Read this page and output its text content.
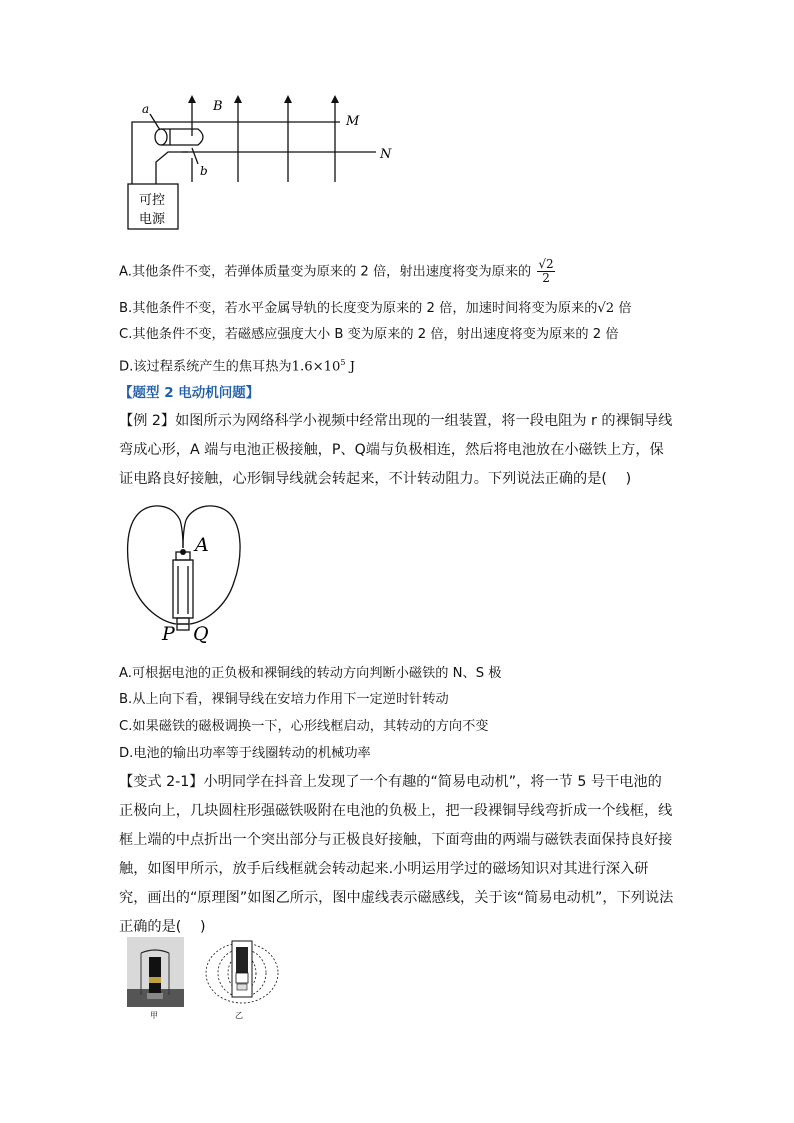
a
b
B
M
N
可控
电源
A.其他条件不变，若弹体质量变为原来的 2 倍，射出速度将变为原来的 $\frac{√2}{2}$
B.其他条件不变，若水平金属导轨的长度变为原来的 2 倍，加速时间将变为原来的√2 倍
C.其他条件不变，若磁感应强度大小 B 变为原来的 2 倍，射出速度将变为原来的 2 倍
D.该过程系统产生的焦耳热为$1.6\times 10^5$ J
【题型 2 电动机问题】
【例 2】如图所示为网络科学小视频中经常出现的一组装置，将一段电阻为 r 的裸铜导线弯成心形，A 端与电池正极接触，P、Q端与负极相连，然后将电池放在小磁铁上方，保证电路良好接触，心形铜导线就会转起来，不计转动阻力。下列说法正确的是(　 )
A
P Q
A.可根据电池的正负极和裸铜线的转动方向判断小磁铁的 N、S 极
B.从上向下看，裸铜导线在安培力作用下一定逆时针转动
C.如果磁铁的磁极调换一下，心形线框启动，其转动的方向不变
D.电池的输出功率等于线圈转动的机械功率
【变式 2-1】小明同学在抖音上发现了一个有趣的“简易电动机”，将一节 5 号干电池的正极向上，几块圆柱形强磁铁吸附在电池的负极上，把一段裸铜导线弯折成一个线框，线框上端的中点折出一个突出部分与正极良好接触，下面弯曲的两端与磁铁表面保持良好接触，如图甲所示，放手后线框就会转动起来.小明运用学过的磁场知识对其进行深入研究，画出的“原理图”如图乙所示，图中虚线表示磁感线，关于该“简易电动机”，下列说法正确的是(　 )
甲	乙
